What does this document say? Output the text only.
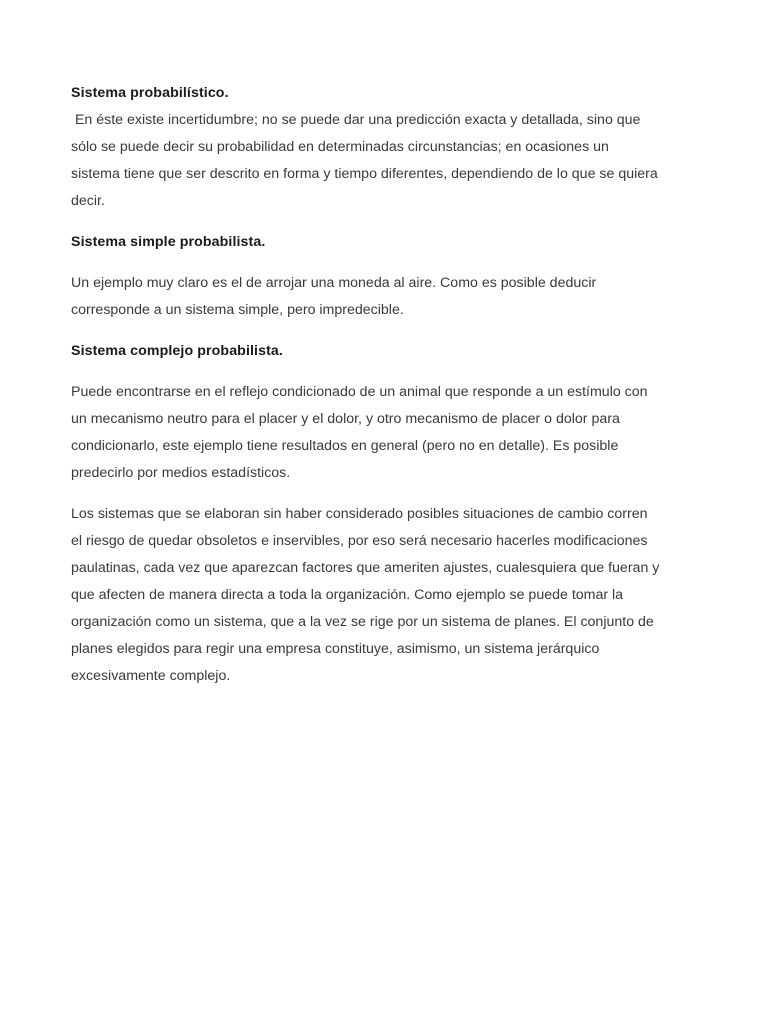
Sistema probabilístico.

En éste existe incertidumbre; no se puede dar una predicción exacta y detallada, sino que sólo se puede decir su probabilidad en determinadas circunstancias; en ocasiones un sistema tiene que ser descrito en forma y tiempo diferentes, dependiendo de lo que se quiera decir.

Sistema simple probabilista.

Un ejemplo muy claro es el de arrojar una moneda al aire. Como es posible deducir corresponde a un sistema simple, pero impredecible.

Sistema complejo probabilista.

Puede encontrarse en el reflejo condicionado de un animal que responde a un estímulo con un mecanismo neutro para el placer y el dolor, y otro mecanismo de placer o dolor para condicionarlo, este ejemplo tiene resultados en general (pero no en detalle). Es posible predecirlo por medios estadísticos.

Los sistemas que se elaboran sin haber considerado posibles situaciones de cambio corren el riesgo de quedar obsoletos e inservibles, por eso será necesario hacerles modificaciones paulatinas, cada vez que aparezcan factores que ameriten ajustes, cualesquiera que fueran y que afecten de manera directa a toda la organización. Como ejemplo se puede tomar la organización como un sistema, que a la vez se rige por un sistema de planes. El conjunto de planes elegidos para regir una empresa constituye, asimismo, un sistema jerárquico excesivamente complejo.
